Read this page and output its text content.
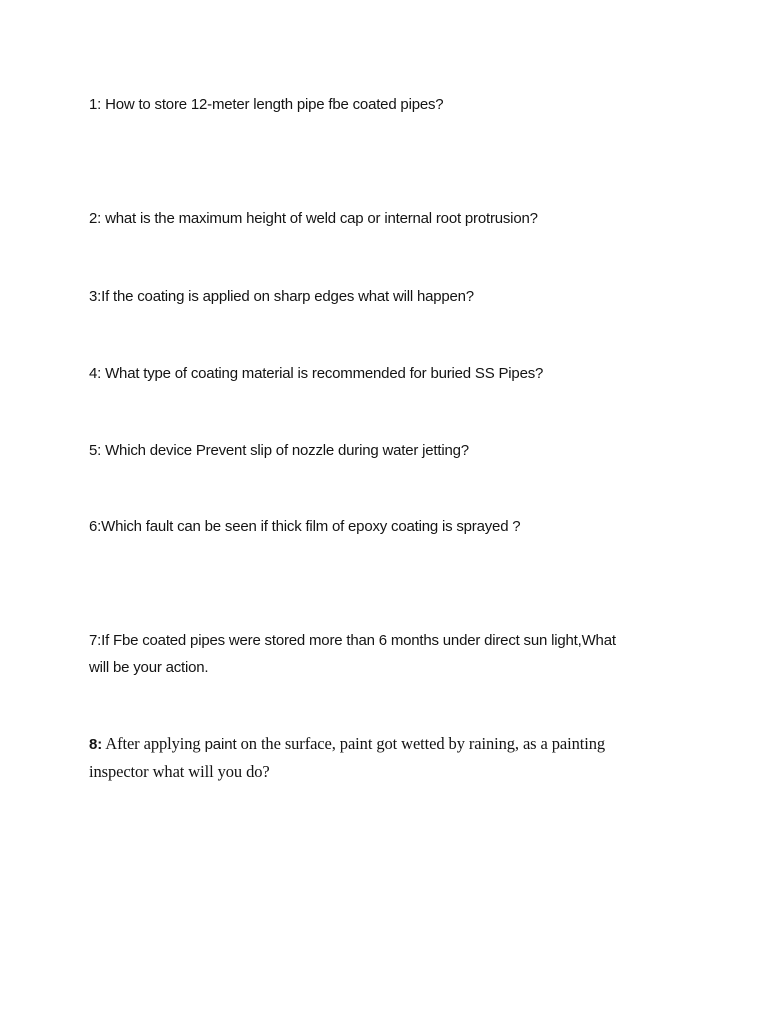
1: How to store 12-meter length pipe fbe coated pipes?

2: what is the maximum height of weld cap or internal root protrusion?

3:If the coating is applied on sharp edges what will happen?

4: What type of coating material is recommended for buried SS Pipes?

5: Which device Prevent slip of nozzle during water jetting?

6:Which fault can be seen if thick film of epoxy coating is sprayed ?

7:If Fbe coated pipes were stored more than 6 months under direct sun light,What will be your action.

8: After applying paint on the surface, paint got wetted by raining, as a painting inspector what will you do?
